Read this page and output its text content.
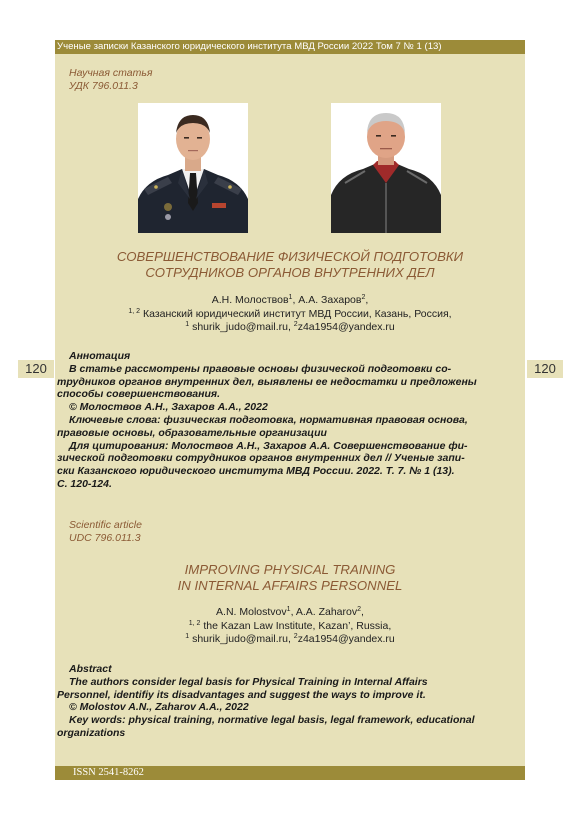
Ученые записки Казанского юридического института МВД России 2022 Том 7 № 1 (13)
120	120
Научная статья
УДК 796.011.3
СОВЕРШЕНСТВОВАНИЕ ФИЗИЧЕСКОЙ ПОДГОТОВКИ
СОТРУДНИКОВ ОРГАНОВ ВНУТРЕННИХ ДЕЛ
А.Н. Молоствов$^1$, А.А. Захаров$^2$,
$^{1, 2}$ Казанский юридический институт МВД России, Казань, Россия,
$^1$ shurik_judo@mail.ru, $^2$z4a1954@yandex.ru

Аннотация

В статье рассмотрены правовые основы физической подготовки со-

трудников органов внутренних дел, выявлены ее недостатки и предложены

способы совершенствования.

© Молоствов А.Н., Захаров А.А., 2022

Ключевые слова: физическая подготовка, нормативная правовая основа,

правовые основы, образовательные организации

Для цитирования: Молоствов А.Н., Захаров А.А. Совершенствование фи-

зической подготовки сотрудников органов внутренних дел // Ученые запи-

ски Казанского юридического института МВД России. 2022. Т. 7. № 1 (13).

С. 120-124.

Scientific article
UDC 796.011.3
IMPROVING PHYSICAL TRAINING
IN INTERNAL AFFAIRS PERSONNEL
A.N. Molostvov$^1$, A.A. Zaharov$^2$,
$^{1, 2}$ the Kazan Law Institute, Kazan’, Russia,
$^1$ shurik_judo@mail.ru, $^2$z4a1954@yandex.ru

Abstract

The authors consider legal basis for Physical Training in Internal Affairs

Personnel, identifiy its disadvantages and suggest the ways to improve it.

© Molostov A.N., Zaharov A.A., 2022

Key words: physical training, normative legal basis, legal framework, educational

organizations

ISSN 2541-8262
